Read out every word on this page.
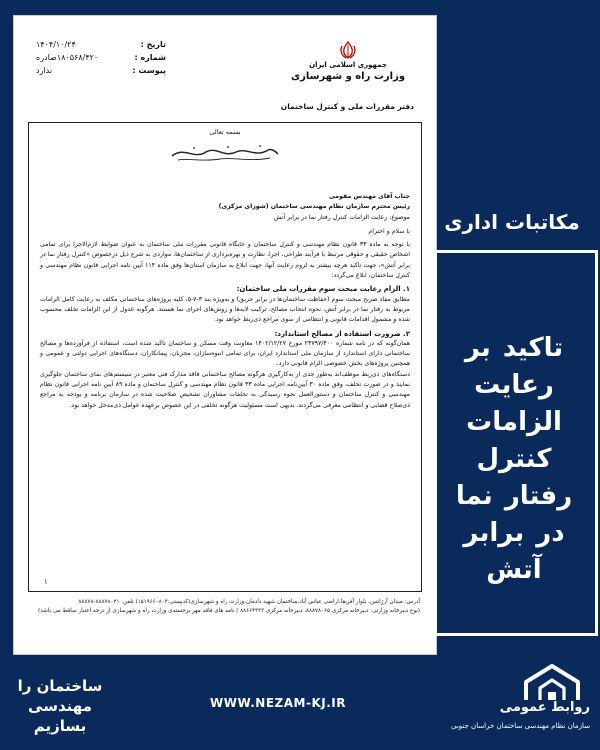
جمهوری اسلامی ایران
وزارت راه و شهرسازی
تاریخ :
۱۴۰۴/۱۰/۲۴
شماره :
۱۸۰۵۶۸/۴۲۰صادره
پیوست :
ندارد
دفتر مقررات ملی و کنترل ساختمان
بسمه تعالی

جناب آقای مهندس مقومی

رئیس محترم سازمان نظام مهندسی ساختمان (شورای مرکزی)

موضوع: رعایت الزامات کنترل رفتار نما در برابر آتش

با سلام و احترام

با توجه به ماده ۳۳ قانون نظام مهندسی و کنترل ساختمان و جایگاه قانونی مقررات ملی ساختمان به عنوان ضوابط لازم‌الاجرا برای تمامی اشخاص حقیقی و حقوقی مرتبط با فرآیند طراحی، اجرا، نظارت و بهره‌برداری از ساختمان‌ها، مواردی به شرح ذیل درخصوص «کنترل رفتار نما در برابر آتش»، جهت تاکید هرچه بیشتر به لزوم رعایت آنها، جهت ابلاغ به سازمان استان‌ها وفق ماده ۱۱۴ آیین نامه اجرایی قانون نظام مهندسی و کنترل ساختمان، ابلاغ می‌گردد:

۱. الزام رعایت مبحث سوم مقررات ملی ساختمان:

مطابق مفاد صریح مبحث سوم (حفاظت ساختمان‌ها در برابر حریق) و به‌ویژه بند ۳-۷-۵، کلیه پروژه‌های ساختمانی مکلف به رعایت کامل الزامات مربوط به رفتار نما در برابر آتش، نحوه انتخاب مصالح، ترکیب لایه‌ها و روش‌های اجرای نما هستند. هرگونه عدول از این الزامات تخلف محسوب شده و مشمول اقدامات قانونی و انتظامی از سوی مراجع ذی‌ربط خواهد بود.

۲. ضرورت استفاده از مصالح استاندارد:

همان‌گونه که در نامه شماره ۲۳۷۹۷/۴۰۰ مورخ ۱۴۰۲/۱۲/۲۷ معاونت وقت مسکن و ساختمان تاکید شده است، استفاده از فرآورده‌ها و مصالح ساختمانی دارای استاندارد از سازمان ملی استاندارد ایران، برای تمامی انبوه‌سازان، مجریان، پیمانکاران، دستگاه‌های اجرایی دولتی و عمومی و همچنین پروژه‌های بخش خصوصی الزام قانونی دارد.

دستگاه‌های ذی‌ربط موظف‌اند به‌طور جدی از به‌کارگیری هرگونه مصالح ساختمانی فاقد مدارک فنی معتبر در سیستم‌های نمای ساختمان جلوگیری نمایند و در صورت تخلف، وفق ماده ۳۰ آیین‌نامه اجرایی ماده ۳۳ قانون نظام مهندسی و کنترل ساختمان و ماده ۸۹ آیین نامه اجرایی قانون نظام مهندسی و کنترل ساختمان و دستورالعمل نحوه رسیدگی به تخلفات مشاوران تشخیص صلاحیت شده در سازمان برنامه و بودجه به مراجع ذی‌صلاح قضایی و انتظامی معرفی می‌گردند. بدیهی است مسئولیت هرگونه تخلفی در این خصوص برعهده عوامل ذی‌مدخل خواهد بود.

۱
آدرس: میدان آرژانتین، بلوار آفریقا،اراضی عباس آباد،ساختمان شهید دادمان،وزارت راه و شهرسازی(کدپستی:۱۵۱۹۶۶۰۸۰۴) تلفن: ۸۸۸۷۸۰۲۱-۸۸۸۷۸
(نوع دبیرخانه وزارتی: دبیرخانه مرکزی ۸۸۸۷۸۰۶۵، دبیرخانه مرکزی ۸۸۶۶۴۳۳۳ ) نامه های فاقد مهر برجسته‌ی وزارت راه و شهرسازی از درجه اعتبار ساقط می باشد)
مکاتبات اداری
تاکید بر رعایت الزامات کنترل رفتار نما در برابر آتش
ساختمان را مهندسی بسازیم
WWW.NEZAM-KJ.IR	روابط عمومی
سازمان نظام مهندسی ساختمان خراسان جنوبی
